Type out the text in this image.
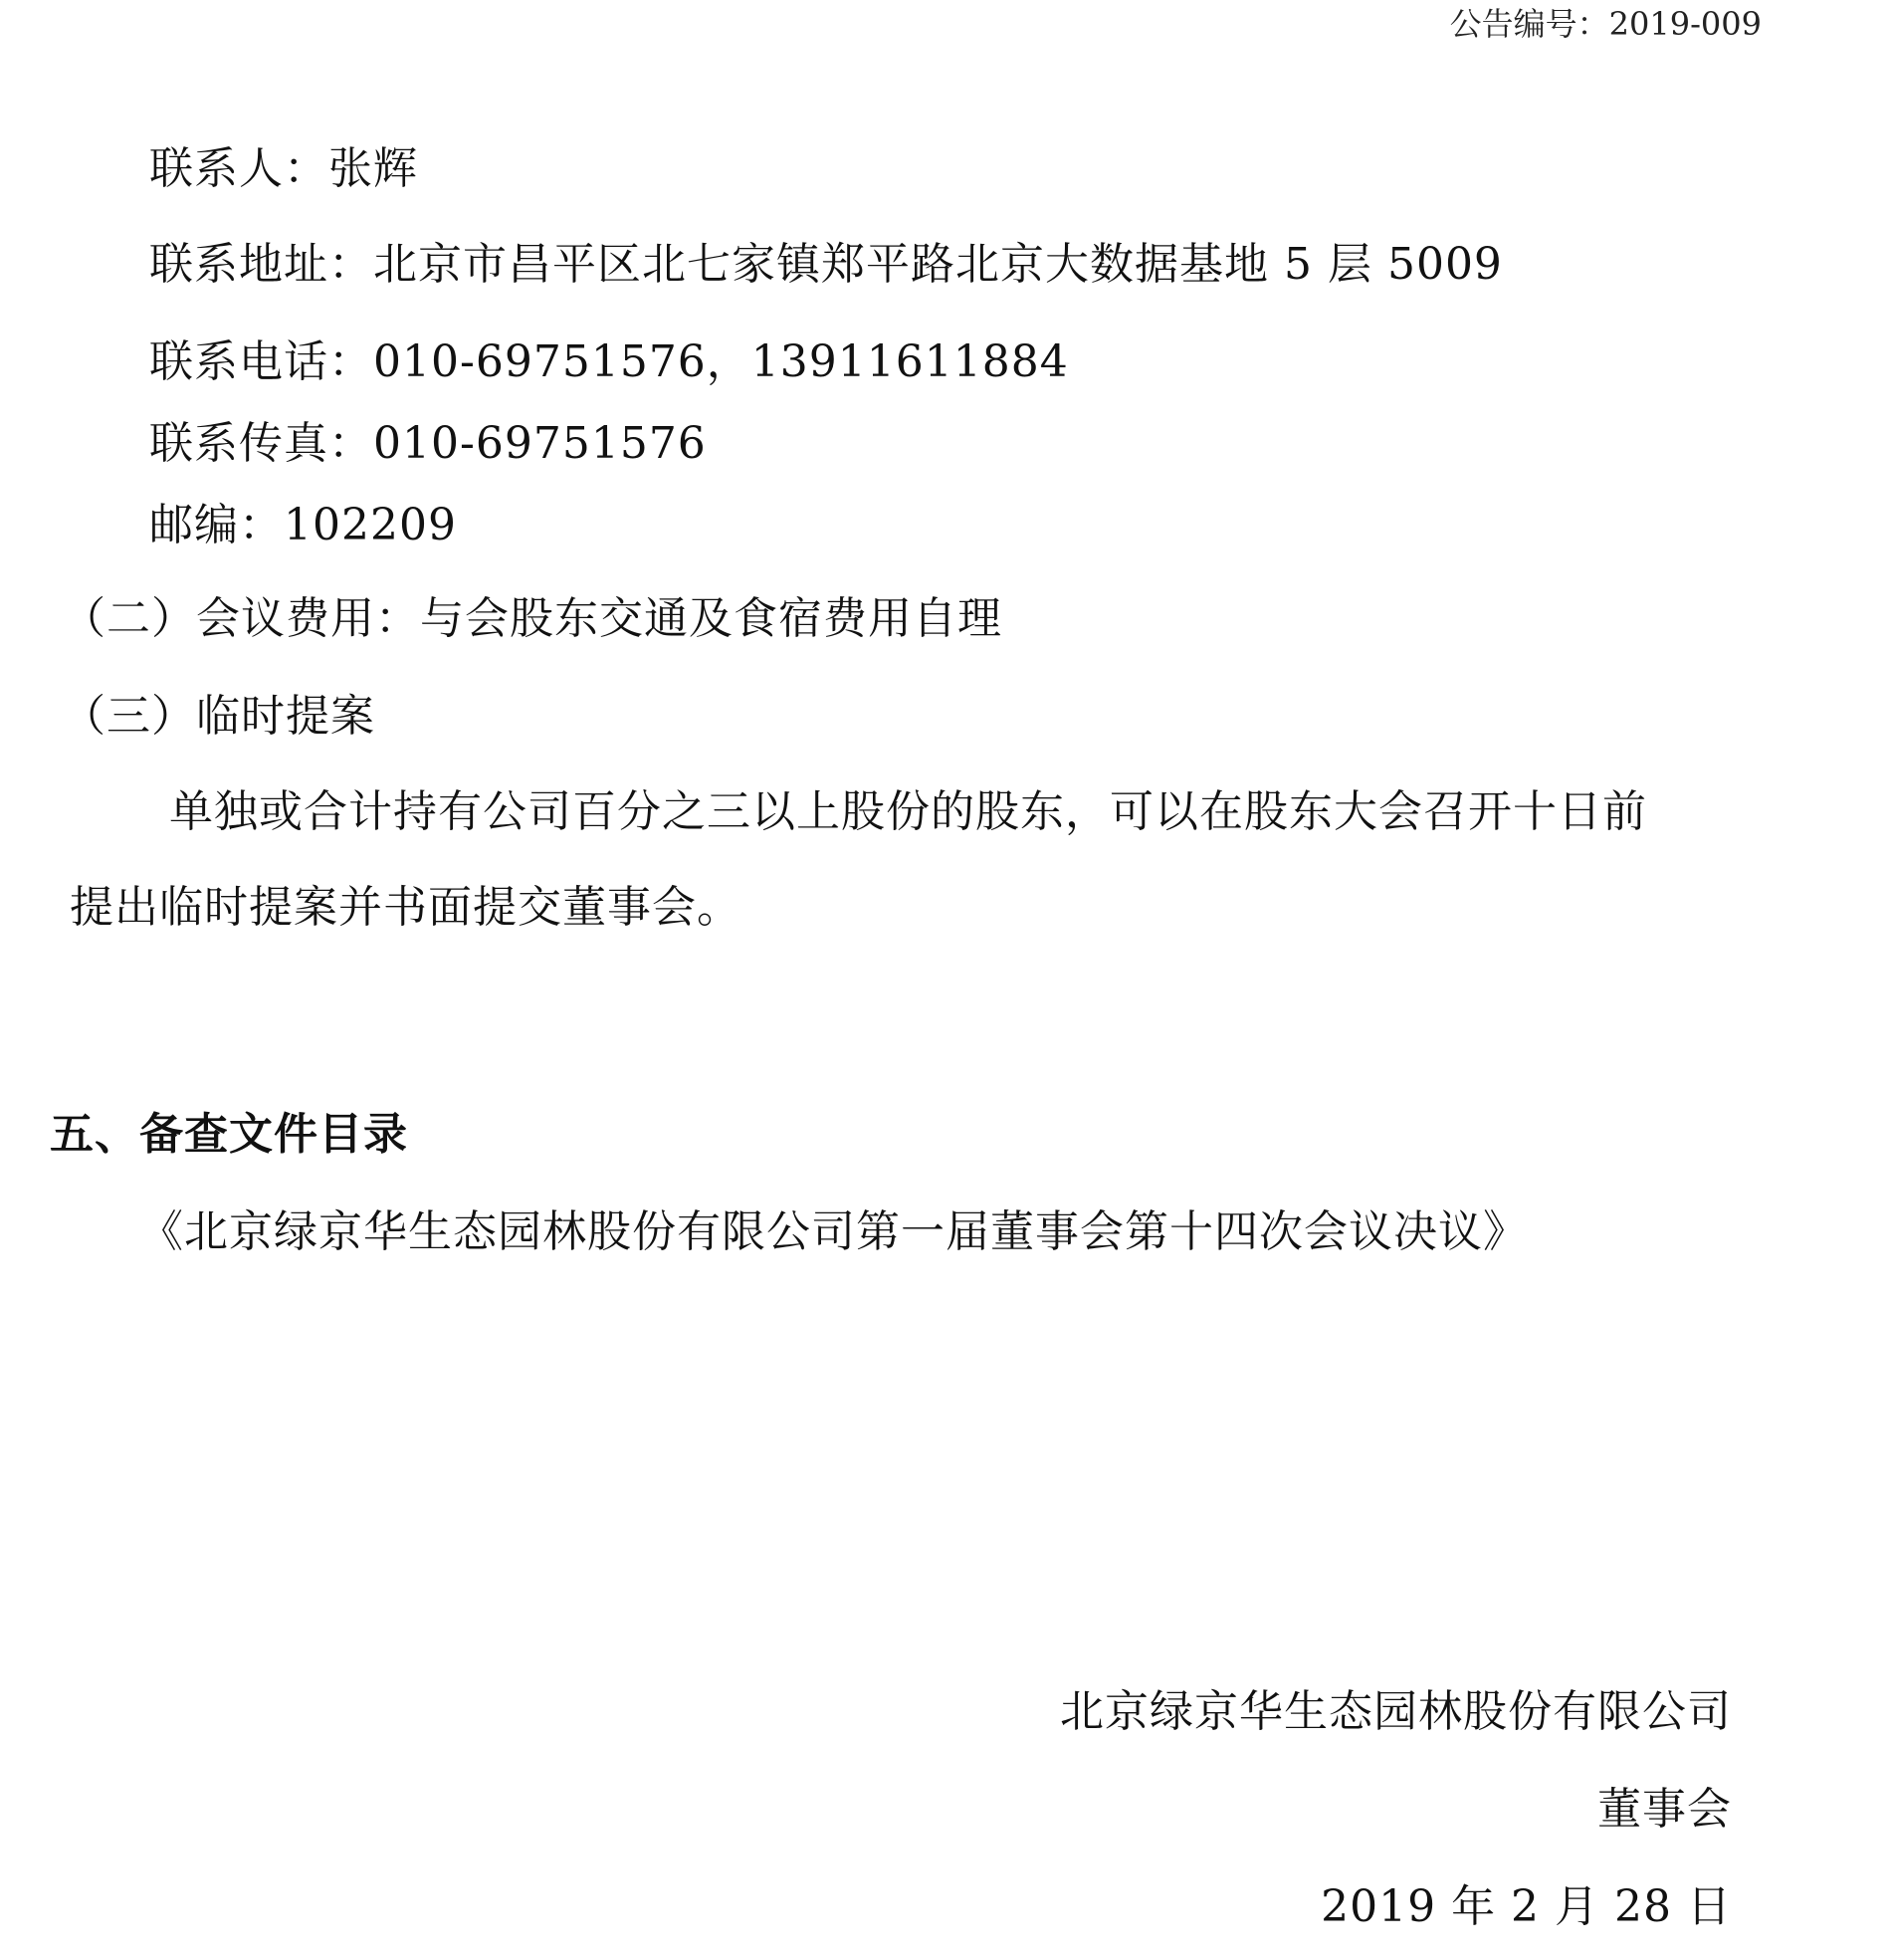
公告编号：2019-009
联系人：张辉
联系地址：北京市昌平区北七家镇郑平路北京大数据基地 5 层 5009
联系电话：010-69751576，13911611884
联系传真：010-69751576
邮编：102209
（二）会议费用：与会股东交通及食宿费用自理
（三）临时提案
单独或合计持有公司百分之三以上股份的股东，可以在股东大会召开十日前
提出临时提案并书面提交董事会。
五、备查文件目录
《北京绿京华生态园林股份有限公司第一届董事会第十四次会议决议》
北京绿京华生态园林股份有限公司
董事会
2019 年 2 月 28 日
